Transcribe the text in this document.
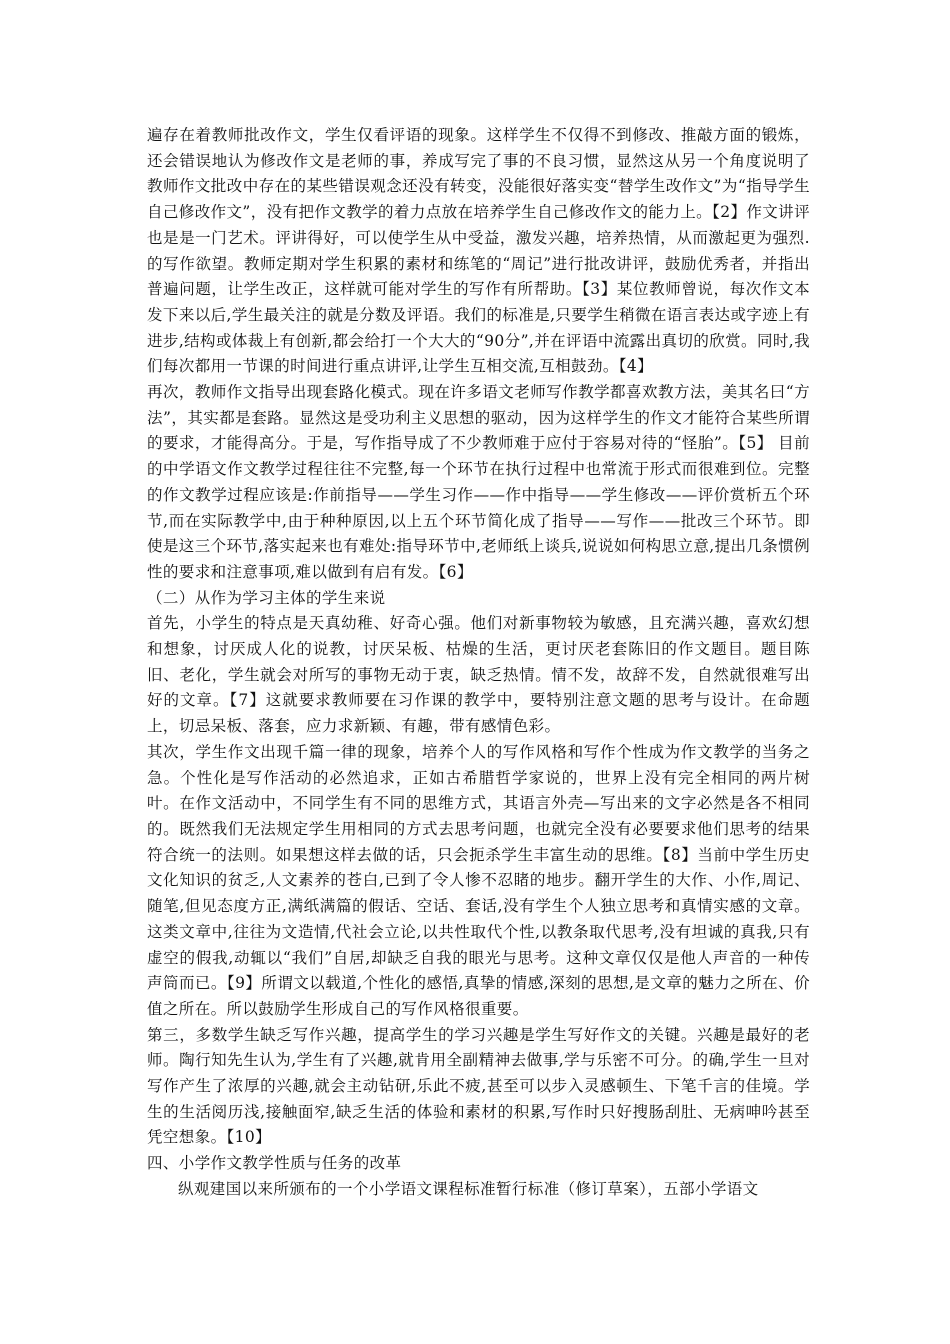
遍存在着教师批改作文，学生仅看评语的现象。这样学生不仅得不到修改、推敲方面的锻炼，还会错误地认为修改作文是老师的事，养成写完了事的不良习惯，显然这从另一个角度说明了教师作文批改中存在的某些错误观念还没有转变，没能很好落实变“替学生改作文”为“指导学生自己修改作文”，没有把作文教学的着力点放在培养学生自己修改作文的能力上。【2】作文讲评也是是一门艺术。评讲得好，可以使学生从中受益，激发兴趣，培养热情，从而激起更为强烈.的写作欲望。教师定期对学生积累的素材和练笔的“周记”进行批改讲评，鼓励优秀者，并指出普遍问题，让学生改正，这样就可能对学生的写作有所帮助。【3】某位教师曾说，每次作文本发下来以后,学生最关注的就是分数及评语。我们的标准是,只要学生稍微在语言表达或字迹上有进步,结构或体裁上有创新,都会给打一个大大的“90分”,并在评语中流露出真切的欣赏。同时,我们每次都用一节课的时间进行重点讲评,让学生互相交流,互相鼓劲。【4】

再次，教师作文指导出现套路化模式。现在许多语文老师写作教学都喜欢教方法，美其名曰“方法”，其实都是套路。显然这是受功利主义思想的驱动，因为这样学生的作文才能符合某些所谓的要求，才能得高分。于是，写作指导成了不少教师难于应付于容易对待的“怪胎”。【5】 目前的中学语文作文教学过程往往不完整,每一个环节在执行过程中也常流于形式而很难到位。完整的作文教学过程应该是:作前指导——学生习作——作中指导——学生修改——评价赏析五个环节,而在实际教学中,由于种种原因,以上五个环节简化成了指导——写作——批改三个环节。即使是这三个环节,落实起来也有难处:指导环节中,老师纸上谈兵,说说如何构思立意,提出几条惯例性的要求和注意事项,难以做到有启有发。【6】

（二）从作为学习主体的学生来说

首先，小学生的特点是天真幼稚、好奇心强。他们对新事物较为敏感，且充满兴趣，喜欢幻想和想象，讨厌成人化的说教，讨厌呆板、枯燥的生活，更讨厌老套陈旧的作文题目。题目陈旧、老化，学生就会对所写的事物无动于衷，缺乏热情。情不发，故辞不发，自然就很难写出好的文章。【7】这就要求教师要在习作课的教学中，要特别注意文题的思考与设计。在命题上，切忌呆板、落套，应力求新颖、有趣，带有感情色彩。

其次，学生作文出现千篇一律的现象，培养个人的写作风格和写作个性成为作文教学的当务之急。个性化是写作活动的必然追求，正如古希腊哲学家说的，世界上没有完全相同的两片树叶。在作文活动中，不同学生有不同的思维方式，其语言外壳—写出来的文字必然是各不相同的。既然我们无法规定学生用相同的方式去思考问题，也就完全没有必要要求他们思考的结果符合统一的法则。如果想这样去做的话，只会扼杀学生丰富生动的思维。【8】当前中学生历史文化知识的贫乏,人文素养的苍白,已到了令人惨不忍睹的地步。翻开学生的大作、小作,周记、随笔,但见态度方正,满纸满篇的假话、空话、套话,没有学生个人独立思考和真情实感的文章。这类文章中,往往为文造情,代社会立论,以共性取代个性,以教条取代思考,没有坦诚的真我,只有虚空的假我,动辄以“我们”自居,却缺乏自我的眼光与思考。这种文章仅仅是他人声音的一种传声筒而已。【9】所谓文以载道,个性化的感悟,真挚的情感,深刻的思想,是文章的魅力之所在、价值之所在。所以鼓励学生形成自己的写作风格很重要。

第三，多数学生缺乏写作兴趣，提高学生的学习兴趣是学生写好作文的关键。兴趣是最好的老师。陶行知先生认为,学生有了兴趣,就肯用全副精神去做事,学与乐密不可分。的确,学生一旦对写作产生了浓厚的兴趣,就会主动钻研,乐此不疲,甚至可以步入灵感顿生、下笔千言的佳境。学生的生活阅历浅,接触面窄,缺乏生活的体验和素材的积累,写作时只好搜肠刮肚、无病呻吟甚至凭空想象。【10】

四、小学作文教学性质与任务的改革

纵观建国以来所颁布的一个小学语文课程标准暂行标准（修订草案），五部小学语文
